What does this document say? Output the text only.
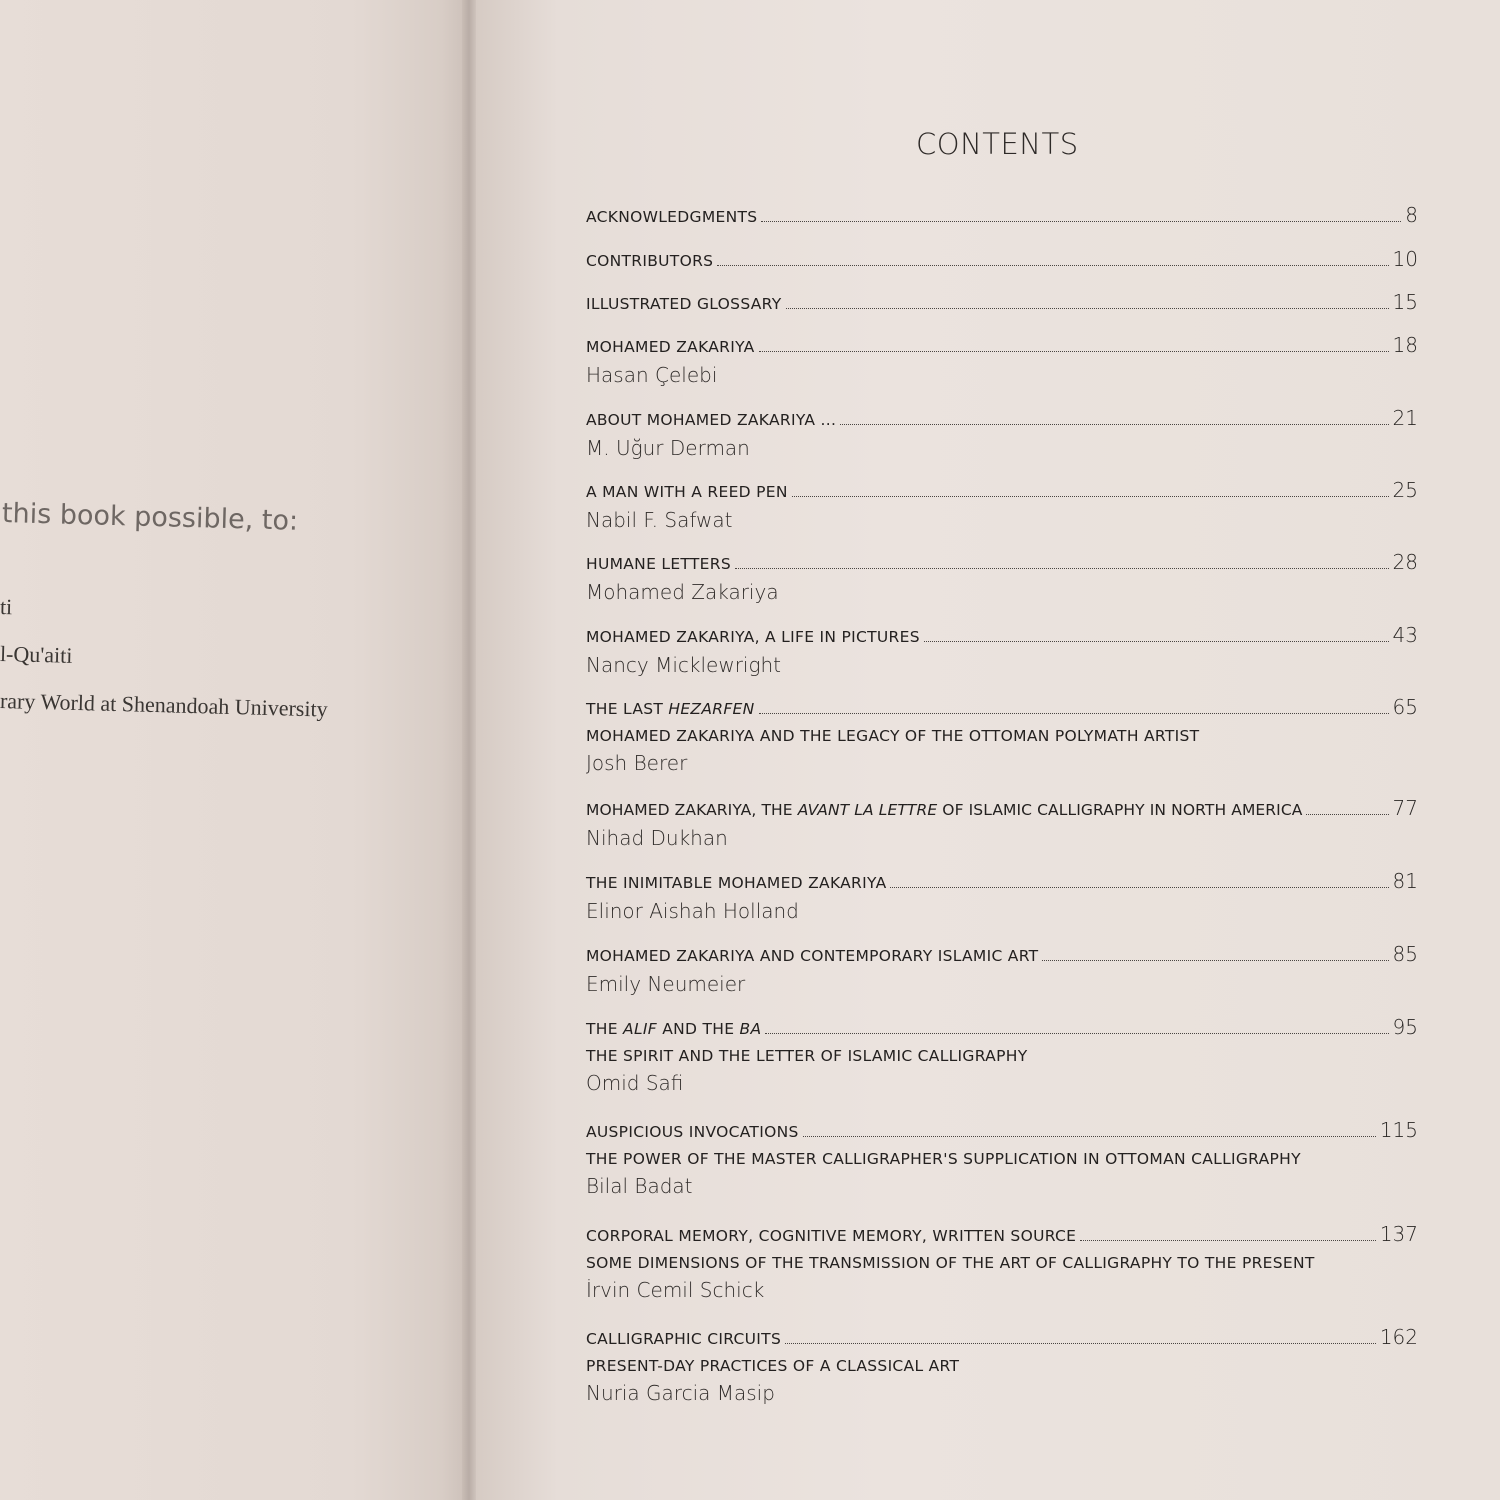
this book possible, to:
ti
l-Qu'aiti
rary World at Shenandoah University
CONTENTS
ACKNOWLEDGMENTS	8
CONTRIBUTORS	10
ILLUSTRATED GLOSSARY	15
MOHAMED ZAKARIYA	18
Hasan Çelebi
ABOUT MOHAMED ZAKARIYA ...	21
M. Uğur Derman
A MAN WITH A REED PEN	25
Nabil F. Safwat
HUMANE LETTERS	28
Mohamed Zakariya
MOHAMED ZAKARIYA, A LIFE IN PICTURES	43
Nancy Micklewright
THE LAST HEZARFEN	65
MOHAMED ZAKARIYA AND THE LEGACY OF THE OTTOMAN POLYMATH ARTIST
Josh Berer
MOHAMED ZAKARIYA, THE AVANT LA LETTRE OF ISLAMIC CALLIGRAPHY IN NORTH AMERICA	77
Nihad Dukhan
THE INIMITABLE MOHAMED ZAKARIYA	81
Elinor Aishah Holland
MOHAMED ZAKARIYA AND CONTEMPORARY ISLAMIC ART	85
Emily Neumeier
THE ALIF AND THE BA	95
THE SPIRIT AND THE LETTER OF ISLAMIC CALLIGRAPHY
Omid Safi
AUSPICIOUS INVOCATIONS	115
THE POWER OF THE MASTER CALLIGRAPHER'S SUPPLICATION IN OTTOMAN CALLIGRAPHY
Bilal Badat
CORPORAL MEMORY, COGNITIVE MEMORY, WRITTEN SOURCE	137
SOME DIMENSIONS OF THE TRANSMISSION OF THE ART OF CALLIGRAPHY TO THE PRESENT
İrvin Cemil Schick
CALLIGRAPHIC CIRCUITS	162
PRESENT-DAY PRACTICES OF A CLASSICAL ART
Nuria Garcia Masip
